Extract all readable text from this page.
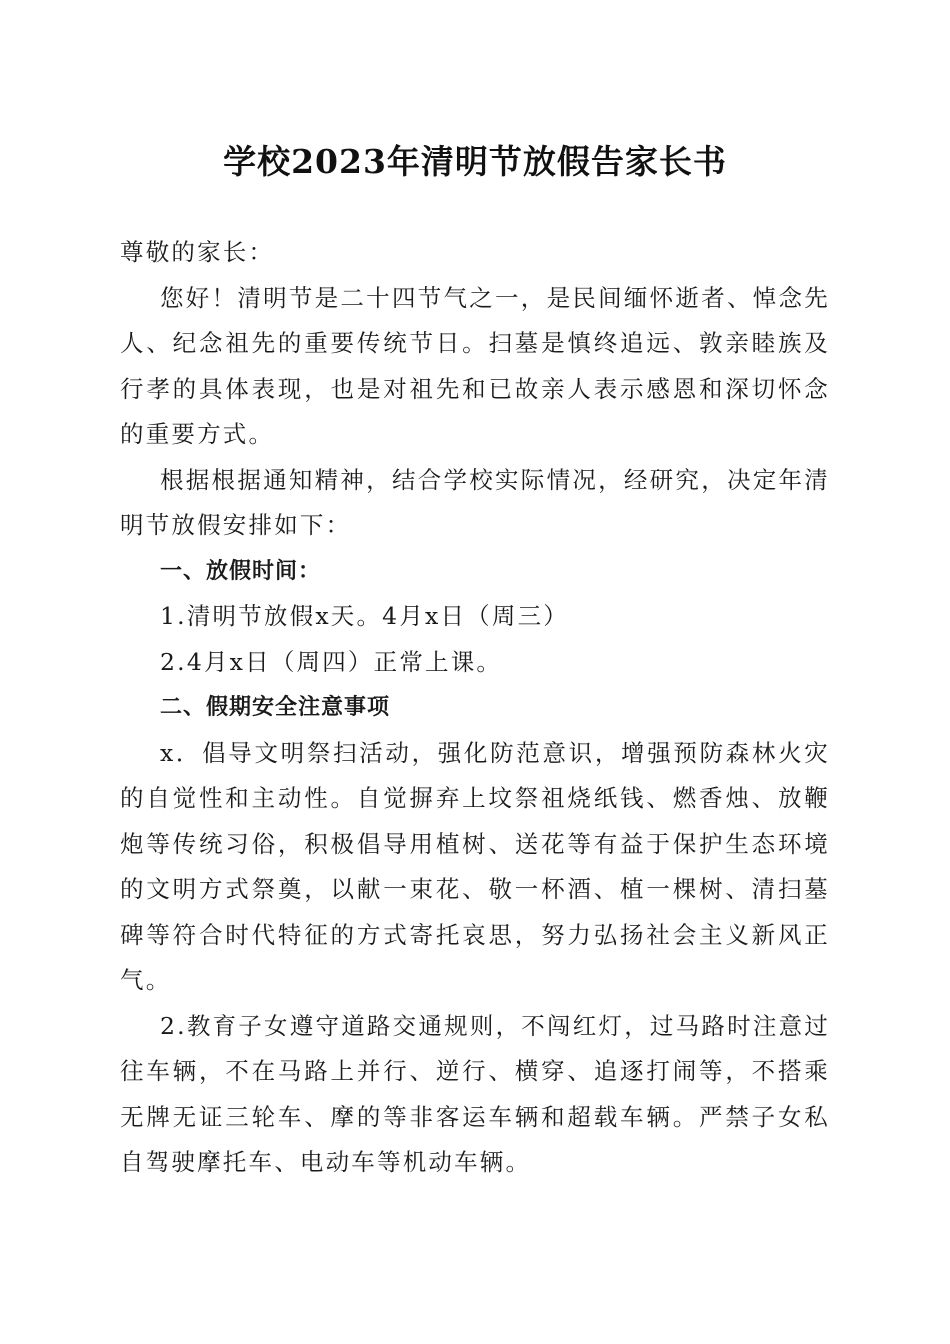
学校2023年清明节放假告家长书

尊敬的家长：

您好！清明节是二十四节气之一，是民间缅怀逝者、悼念先人、纪念祖先的重要传统节日。扫墓是慎终追远、敦亲睦族及行孝的具体表现，也是对祖先和已故亲人表示感恩和深切怀念的重要方式。

根据根据通知精神，结合学校实际情况，经研究，决定年清明节放假安排如下：

一、放假时间：

1.清明节放假x天。4月x日（周三）

2.4月x日（周四）正常上课。

二、假期安全注意事项

x．倡导文明祭扫活动，强化防范意识，增强预防森林火灾的自觉性和主动性。自觉摒弃上坟祭祖烧纸钱、燃香烛、放鞭炮等传统习俗，积极倡导用植树、送花等有益于保护生态环境的文明方式祭奠，以献一束花、敬一杯酒、植一棵树、清扫墓碑等符合时代特征的方式寄托哀思，努力弘扬社会主义新风正气。

2.教育子女遵守道路交通规则，不闯红灯，过马路时注意过往车辆，不在马路上并行、逆行、横穿、追逐打闹等，不搭乘无牌无证三轮车、摩的等非客运车辆和超载车辆。严禁子女私自驾驶摩托车、电动车等机动车辆。
